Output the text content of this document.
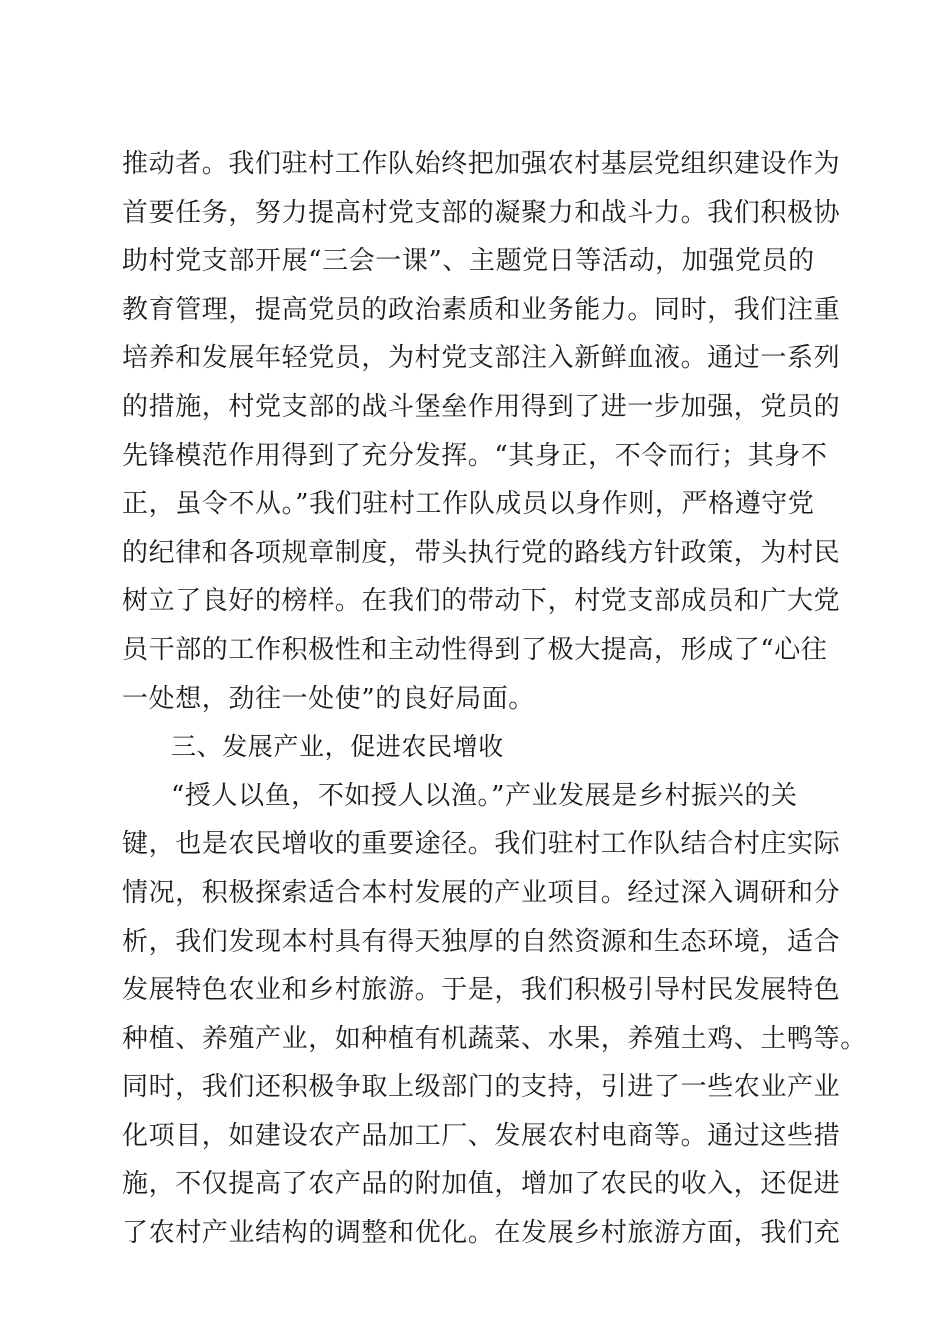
推动者。我们驻村工作队始终把加强农村基层党组织建设作为
首要任务，努力提高村党支部的凝聚力和战斗力。我们积极协
助村党支部开展“三会一课”、主题党日等活动，加强党员的
教育管理，提高党员的政治素质和业务能力。同时，我们注重
培养和发展年轻党员，为村党支部注入新鲜血液。通过一系列
的措施，村党支部的战斗堡垒作用得到了进一步加强，党员的
先锋模范作用得到了充分发挥。“其身正，不令而行；其身不
正，虽令不从。”我们驻村工作队成员以身作则，严格遵守党
的纪律和各项规章制度，带头执行党的路线方针政策，为村民
树立了良好的榜样。在我们的带动下，村党支部成员和广大党
员干部的工作积极性和主动性得到了极大提高，形成了“心往
一处想，劲往一处使”的良好局面。
三、发展产业，促进农民增收
“授人以鱼，不如授人以渔。”产业发展是乡村振兴的关
键，也是农民增收的重要途径。我们驻村工作队结合村庄实际
情况，积极探索适合本村发展的产业项目。经过深入调研和分
析，我们发现本村具有得天独厚的自然资源和生态环境，适合
发展特色农业和乡村旅游。于是，我们积极引导村民发展特色
种植、养殖产业，如种植有机蔬菜、水果，养殖土鸡、土鸭等。
同时，我们还积极争取上级部门的支持，引进了一些农业产业
化项目，如建设农产品加工厂、发展农村电商等。通过这些措
施，不仅提高了农产品的附加值，增加了农民的收入，还促进
了农村产业结构的调整和优化。在发展乡村旅游方面，我们充
